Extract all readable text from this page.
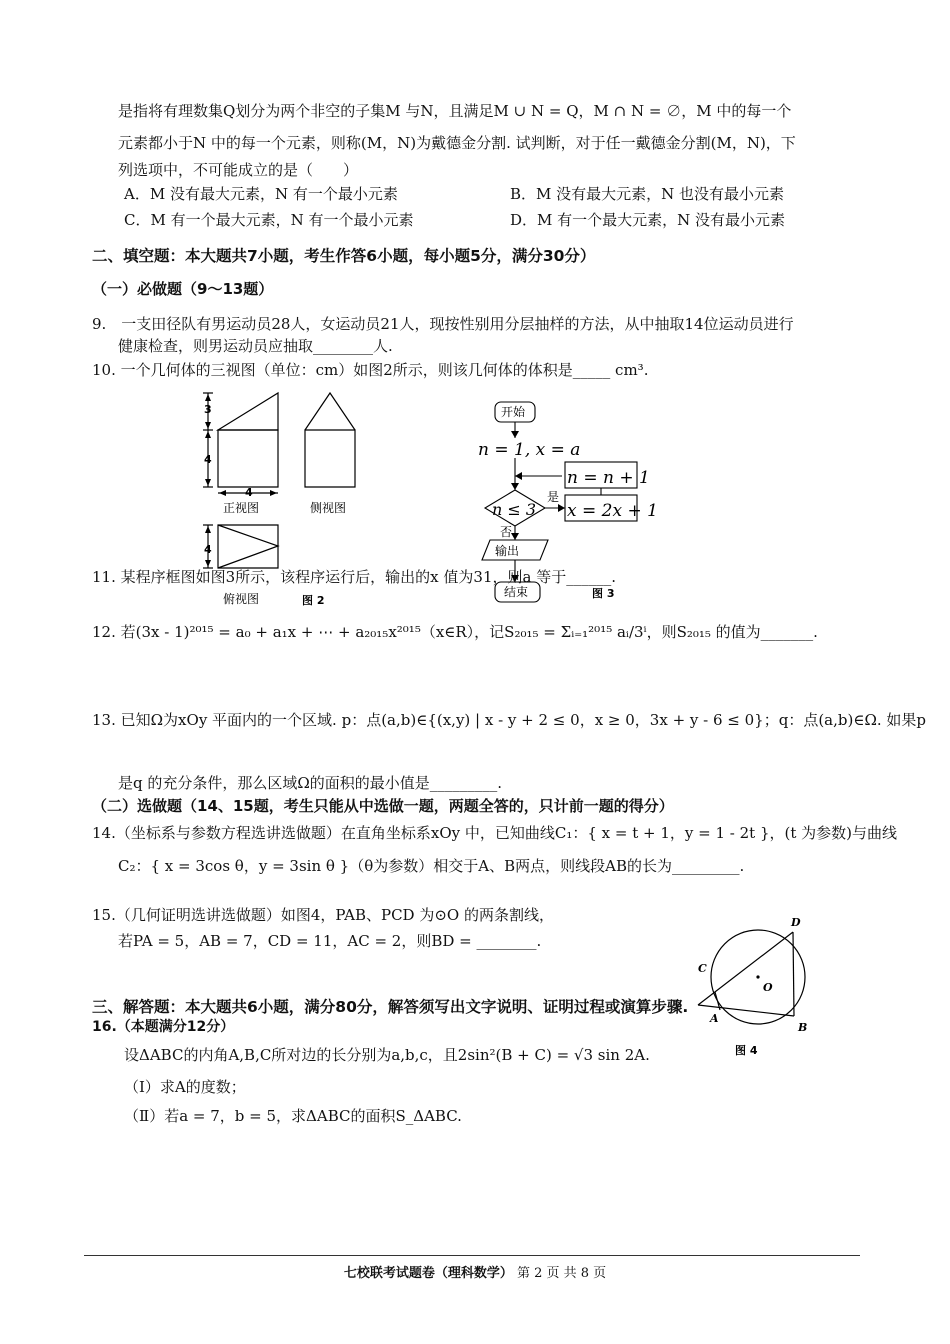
是指将有理数集Q划分为两个非空的子集M 与N，且满足M ∪ N = Q，M ∩ N = ∅，M 中的每一个
元素都小于N 中的每一个元素，则称(M，N)为戴德金分割. 试判断，对于任一戴德金分割(M，N)，下
列选项中，不可能成立的是（　　）
A．M 没有最大元素，N 有一个最小元素	B．M 没有最大元素，N 也没有最小元素
C．M 有一个最大元素，N 有一个最小元素	D．M 有一个最大元素，N 没有最小元素
二、填空题：本大题共7小题，考生作答6小题，每小题5分，满分30分）
（一）必做题（9～13题）
9.　一支田径队有男运动员28人，女运动员21人，现按性别用分层抽样的方法，从中抽取14位运动员进行
健康检查，则男运动员应抽取________人.
10. 一个几何体的三视图（单位：cm）如图2所示，则该几何体的体积是_____ cm³.
3
4
4
4
正视图	侧视图
俯视图	图 2
开始
n = 1, x = a
n = n + 1
n ≤ 3 x = 2x + 1
是
否
输出
结束	图 3
11. 某程序框图如图3所示，该程序运行后，输出的x 值为31，则a 等于______.
12. 若(3x - 1)²⁰¹⁵ = a₀ + a₁x + ⋯ + a₂₀₁₅x²⁰¹⁵（x∈R），记S₂₀₁₅ = Σᵢ₌₁²⁰¹⁵ aᵢ/3ⁱ，则S₂₀₁₅ 的值为_______.
13. 已知Ω为xOy 平面内的一个区域. p：点(a,b)∈{(x,y) | x - y + 2 ≤ 0，x ≥ 0，3x + y - 6 ≤ 0}；q：点(a,b)∈Ω. 如果p
是q 的充分条件，那么区域Ω的面积的最小值是_________.
（二）选做题（14、15题，考生只能从中选做一题，两题全答的，只计前一题的得分）
14.（坐标系与参数方程选讲选做题）在直角坐标系xOy 中，已知曲线C₁：{ x = t + 1，y = 1 - 2t }，(t 为参数)与曲线
C₂：{ x = 3cos θ，y = 3sin θ }（θ为参数）相交于A、B两点，则线段AB的长为_________.
15.（几何证明选讲选做题）如图4，PAB、PCD 为⊙O 的两条割线，
若PA = 5，AB = 7，CD = 11，AC = 2，则BD = ________.
D
C
O
A
B
图 4
三、解答题：本大题共6小题，满分80分，解答须写出文字说明、证明过程或演算步骤.
16.（本题满分12分）
设ΔABC的内角A,B,C所对边的长分别为a,b,c，且2sin²(B + C) = √3 sin 2A.
（Ⅰ）求A的度数；
（Ⅱ）若a = 7，b = 5，求ΔABC的面积S_ΔABC.
七校联考试题卷（理科数学） 第 2 页 共 8 页
